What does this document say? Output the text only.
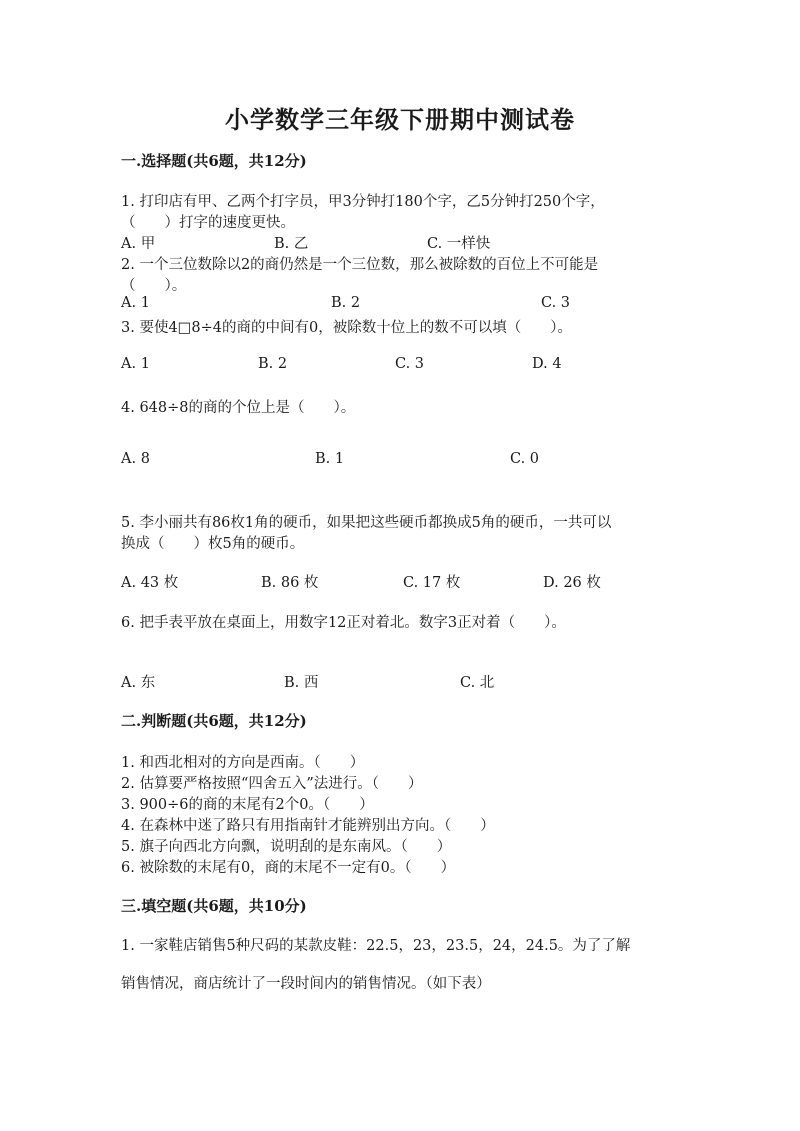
小学数学三年级下册期中测试卷
一.选择题(共6题，共12分)
1. 打印店有甲、乙两个打字员，甲3分钟打180个字，乙5分钟打250个字，
（　　）打字的速度更快。
A. 甲	B. 乙	C. 一样快
2. 一个三位数除以2的商仍然是一个三位数，那么被除数的百位上不可能是
（　　）。
A. 1	B. 2	C. 3
3. 要使4□8÷4的商的中间有0，被除数十位上的数不可以填（　　）。
A. 1	B. 2	C. 3	D. 4
4. 648÷8的商的个位上是（　　）。
A. 8	B. 1	C. 0
5. 李小丽共有86枚1角的硬币，如果把这些硬币都换成5角的硬币，一共可以
换成（　　）枚5角的硬币。
A. 43 枚	B. 86 枚	C. 17 枚	D. 26 枚
6. 把手表平放在桌面上，用数字12正对着北。数字3正对着（　　）。
A. 东	B. 西	C. 北
二.判断题(共6题，共12分)
1. 和西北相对的方向是西南。（　　）
2. 估算要严格按照“四舍五入”法进行。（　　）
3. 900÷6的商的末尾有2个0。（　　）
4. 在森林中迷了路只有用指南针才能辨别出方向。（　　）
5. 旗子向西北方向飘，说明刮的是东南风。（　　）
6. 被除数的末尾有0，商的末尾不一定有0。（　　）
三.填空题(共6题，共10分)
1. 一家鞋店销售5种尺码的某款皮鞋：22.5，23，23.5，24，24.5。为了了解
销售情况，商店统计了一段时间内的销售情况。（如下表）
